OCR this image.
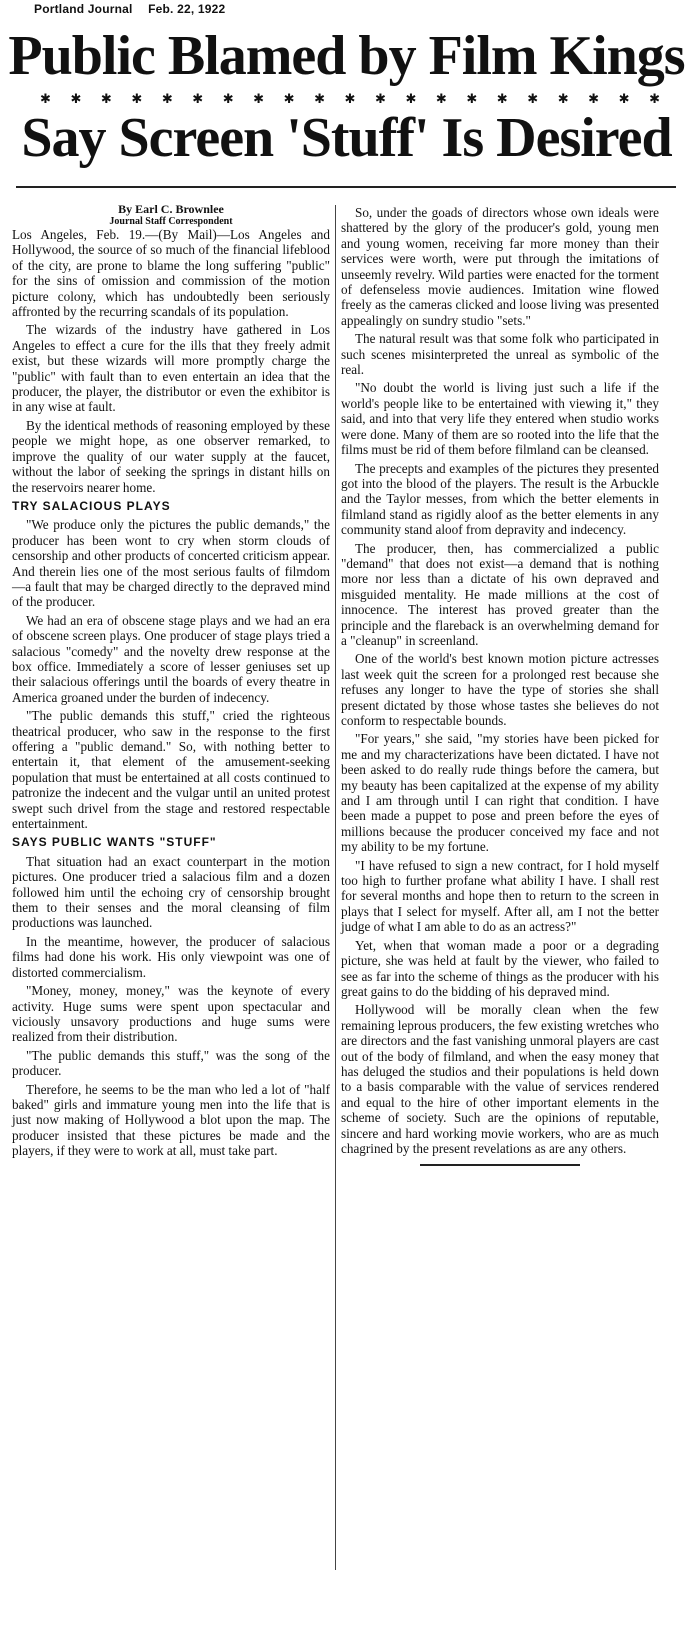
Portland Journal Feb. 22, 1922
Public Blamed by Film Kings
✱ ✱ ✱ ✱ ✱ ✱ ✱ ✱ ✱ ✱ ✱ ✱ ✱ ✱ ✱ ✱ ✱ ✱ ✱ ✱ ✱
Say Screen 'Stuff' Is Desired
By Earl C. Brownlee
Journal Staff Correspondent

Los Angeles, Feb. 19.—(By Mail)—Los Angeles and Hollywood, the source of so much of the financial lifeblood of the city, are prone to blame the long suffering "public" for the sins of omission and commission of the motion picture colony, which has undoubtedly been seriously affronted by the recurring scandals of its population.

The wizards of the industry have gathered in Los Angeles to effect a cure for the ills that they freely admit exist, but these wizards will more promptly charge the "public" with fault than to even entertain an idea that the producer, the player, the distributor or even the exhibitor is in any wise at fault.

By the identical methods of reasoning employed by these people we might hope, as one observer remarked, to improve the quality of our water supply at the faucet, without the labor of seeking the springs in distant hills on the reservoirs nearer home.

TRY SALACIOUS PLAYS

"We produce only the pictures the public demands," the producer has been wont to cry when storm clouds of censorship and other products of concerted criticism appear. And therein lies one of the most serious faults of filmdom—a fault that may be charged directly to the depraved mind of the producer.

We had an era of obscene stage plays and we had an era of obscene screen plays. One producer of stage plays tried a salacious "comedy" and the novelty drew response at the box office. Immediately a score of lesser geniuses set up their salacious offerings until the boards of every theatre in America groaned under the burden of indecency.

"The public demands this stuff," cried the righteous theatrical producer, who saw in the response to the first offering a "public demand." So, with nothing better to entertain it, that element of the amusement-seeking population that must be entertained at all costs continued to patronize the indecent and the vulgar until an united protest swept such drivel from the stage and restored respectable entertainment.

SAYS PUBLIC WANTS "STUFF"

That situation had an exact counterpart in the motion pictures. One producer tried a salacious film and a dozen followed him until the echoing cry of censorship brought them to their senses and the moral cleansing of film productions was launched.

In the meantime, however, the producer of salacious films had done his work. His only viewpoint was one of distorted commercialism.

"Money, money, money," was the keynote of every activity. Huge sums were spent upon spectacular and viciously unsavory productions and huge sums were realized from their distribution.

"The public demands this stuff," was the song of the producer.

Therefore, he seems to be the man who led a lot of "half baked" girls and immature young men into the life that is just now making of Hollywood a blot upon the map. The producer insisted that these pictures be made and the players, if they were to work at all, must take part.

So, under the goads of directors whose own ideals were shattered by the glory of the producer's gold, young men and young women, receiving far more money than their services were worth, were put through the imitations of unseemly revelry. Wild parties were enacted for the torment of defenseless movie audiences. Imitation wine flowed freely as the cameras clicked and loose living was presented appealingly on sundry studio "sets."

The natural result was that some folk who participated in such scenes misinterpreted the unreal as symbolic of the real.

"No doubt the world is living just such a life if the world's people like to be entertained with viewing it," they said, and into that very life they entered when studio works were done. Many of them are so rooted into the life that the films must be rid of them before filmland can be cleansed.

The precepts and examples of the pictures they presented got into the blood of the players. The result is the Arbuckle and the Taylor messes, from which the better elements in filmland stand as rigidly aloof as the better elements in any community stand aloof from depravity and indecency.

The producer, then, has commercialized a public "demand" that does not exist—a demand that is nothing more nor less than a dictate of his own depraved and misguided mentality. He made millions at the cost of innocence. The interest has proved greater than the principle and the flareback is an overwhelming demand for a "cleanup" in screenland.

One of the world's best known motion picture actresses last week quit the screen for a prolonged rest because she refuses any longer to have the type of stories she shall present dictated by those whose tastes she believes do not conform to respectable bounds.

"For years," she said, "my stories have been picked for me and my characterizations have been dictated. I have not been asked to do really rude things before the camera, but my beauty has been capitalized at the expense of my ability and I am through until I can right that condition. I have been made a puppet to pose and preen before the eyes of millions because the producer conceived my face and not my ability to be my fortune.

"I have refused to sign a new contract, for I hold myself too high to further profane what ability I have. I shall rest for several months and hope then to return to the screen in plays that I select for myself. After all, am I not the better judge of what I am able to do as an actress?"

Yet, when that woman made a poor or a degrading picture, she was held at fault by the viewer, who failed to see as far into the scheme of things as the producer with his great gains to do the bidding of his depraved mind.

Hollywood will be morally clean when the few remaining leprous producers, the few existing wretches who are directors and the fast vanishing unmoral players are cast out of the body of filmland, and when the easy money that has deluged the studios and their populations is held down to a basis comparable with the value of services rendered and equal to the hire of other important elements in the scheme of society. Such are the opinions of reputable, sincere and hard working movie workers, who are as much chagrined by the present revelations as are any others.
